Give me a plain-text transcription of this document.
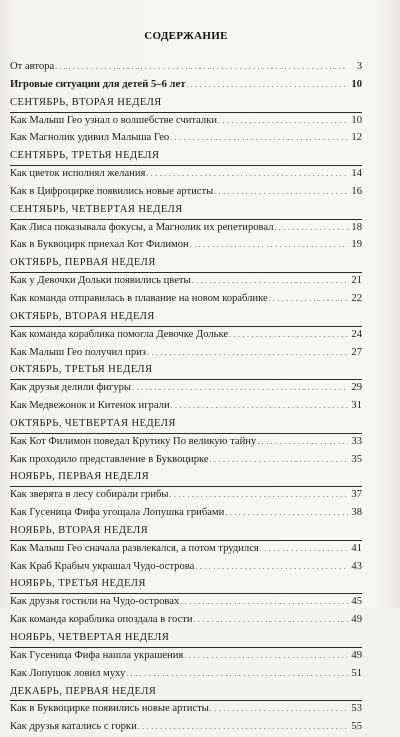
СОДЕРЖАНИЕ
От автора . . .	3
Игровые ситуации для детей 5–6 лет . . .	10
СЕНТЯБРЬ, ВТОРАЯ НЕДЕЛЯ
Как Малыш Гео узнал о волшебстве считалки . . .	10
Как Магнолик удивил Малыша Гео . . .	12
СЕНТЯБРЬ, ТРЕТЬЯ НЕДЕЛЯ
Как цветок исполнял желания . . .	14
Как в Цифроцирке появились новые артисты . . .	16
СЕНТЯБРЬ, ЧЕТВЕРТАЯ НЕДЕЛЯ
Как Лиса показывала фокусы, а Магнолик их репетировал . . .	18
Как в Буквоцирк приехал Кот Филимон . . .	19
ОКТЯБРЬ, ПЕРВАЯ НЕДЕЛЯ
Как у Девочки Дольки появились цветы . . .	21
Как команда отправилась в плавание на новом кораблике . . .	22
ОКТЯБРЬ, ВТОРАЯ НЕДЕЛЯ
Как команда кораблика помогла Девочке Дольке . . .	24
Как Малыш Гео получил приз . . .	27
ОКТЯБРЬ, ТРЕТЬЯ НЕДЕЛЯ
Как друзья делили фигуры . . .	29
Как Медвежонок и Китенок играли . . .	31
ОКТЯБРЬ, ЧЕТВЕРТАЯ НЕДЕЛЯ
Как Кот Филимон поведал Крутику По великую тайну . . .	33
Как проходило представление в Буквоцирке . . .	35
НОЯБРЬ, ПЕРВАЯ НЕДЕЛЯ
Как зверята в лесу собирали грибы . . .	37
Как Гусеница Фифа угощала Лопушка грибами . . .	38
НОЯБРЬ, ВТОРАЯ НЕДЕЛЯ
Как Малыш Гео сначала развлекался, а потом трудился . . .	41
Как Краб Крабыч украшал Чудо-острова . . .	43
НОЯБРЬ, ТРЕТЬЯ НЕДЕЛЯ
Как друзья гостили на Чудо-островах . . .	45
Как команда кораблика опоздала в гости . . .	49
НОЯБРЬ, ЧЕТВЕРТАЯ НЕДЕЛЯ
Как Гусеница Фифа нашла украшения . . .	49
Как Лопушок ловил муху . . .	51
ДЕКАБРЬ, ПЕРВАЯ НЕДЕЛЯ
Как в Буквоцирке появились новые артисты . . .	53
Как друзья катались с горки . . .	55
